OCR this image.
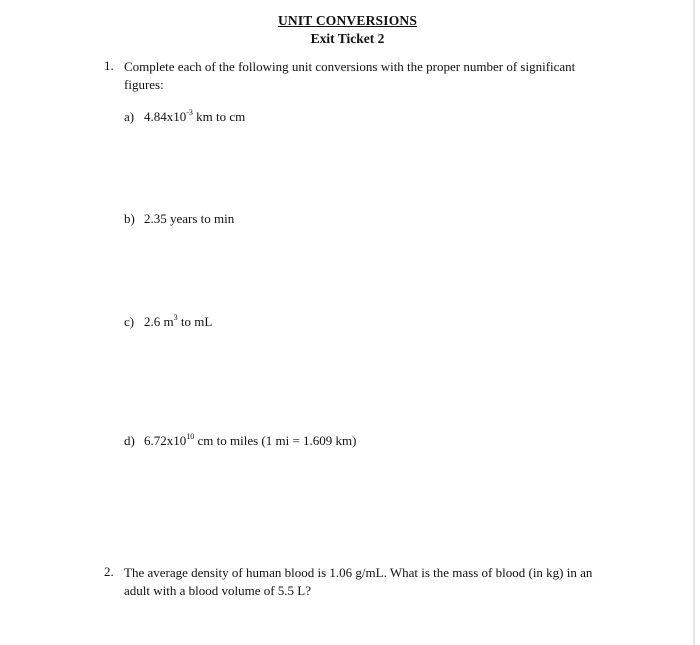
UNIT CONVERSIONS
Exit Ticket 2
1. Complete each of the following unit conversions with the proper number of significant figures:
a) $4.84x10^{-3}$ km to cm
b) 2.35 years to min
c) 2.6 $m^3$ to mL
d) $6.72x10^{10}$ cm to miles (1 mi = 1.609 km)
2. The average density of human blood is 1.06 g/mL. What is the mass of blood (in kg) in an adult with a blood volume of 5.5 L?
